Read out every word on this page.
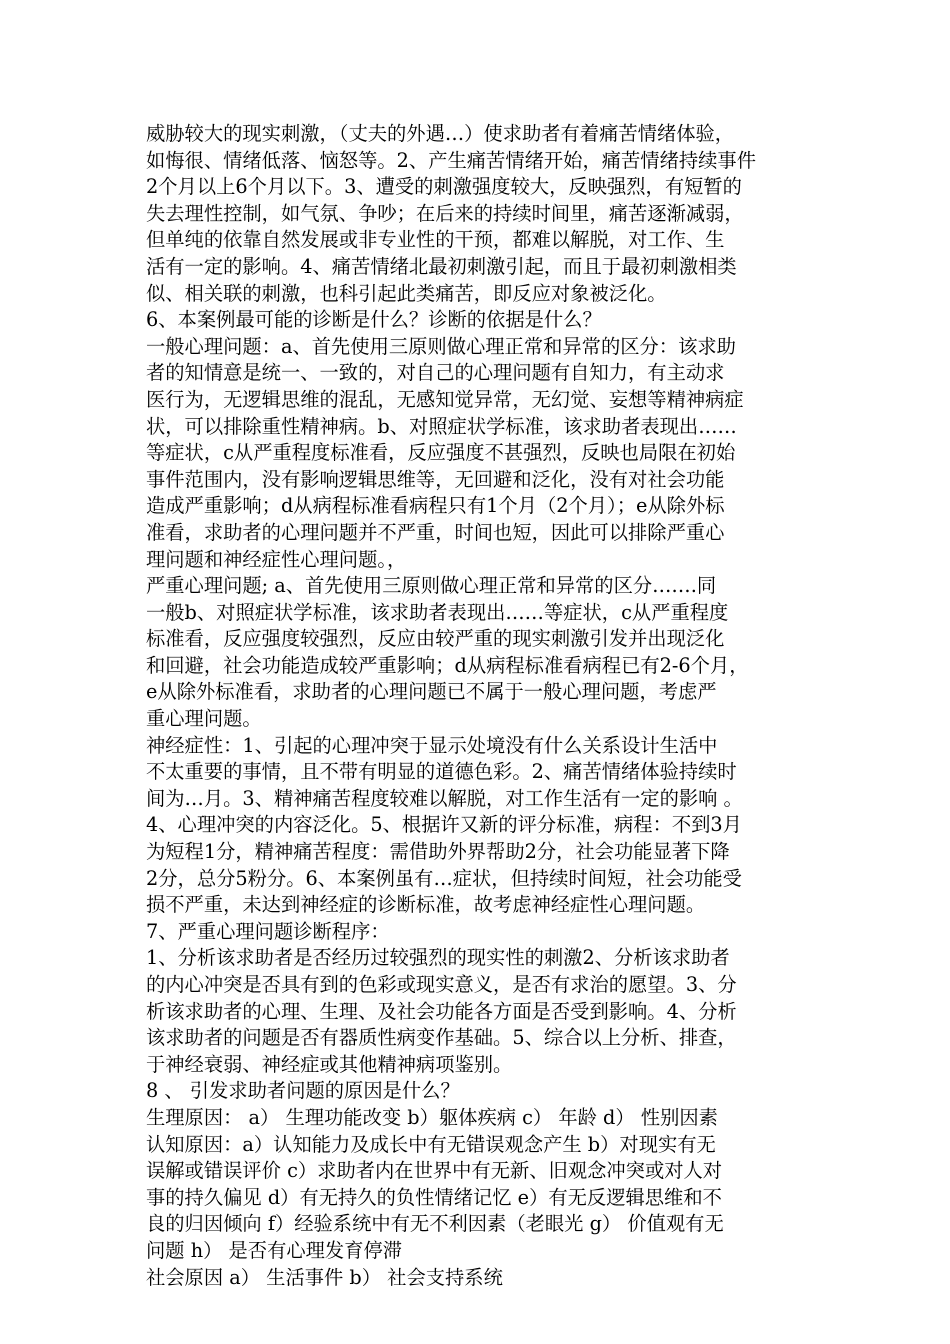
威胁较大的现实刺激，（丈夫的外遇…）使求助者有着痛苦情绪体验，
如悔很、情绪低落、恼怒等。2、产生痛苦情绪开始，痛苦情绪持续事件
2个月以上6个月以下。3、遭受的刺激强度较大，反映强烈，有短暂的
失去理性控制，如气氛、争吵；在后来的持续时间里，痛苦逐渐减弱，
但单纯的依靠自然发展或非专业性的干预，都难以解脱，对工作、生
活有一定的影响。4、痛苦情绪北最初刺激引起，而且于最初刺激相类
似、相关联的刺激，也科引起此类痛苦，即反应对象被泛化。
6、本案例最可能的诊断是什么？诊断的依据是什么？
一般心理问题：a、首先使用三原则做心理正常和异常的区分：该求助
者的知情意是统一、一致的，对自己的心理问题有自知力，有主动求
医行为，无逻辑思维的混乱，无感知觉异常，无幻觉、妄想等精神病症
状，可以排除重性精神病。b、对照症状学标准，该求助者表现出……
等症状，c从严重程度标准看，反应强度不甚强烈，反映也局限在初始
事件范围内，没有影响逻辑思维等，无回避和泛化，没有对社会功能
造成严重影响；d从病程标准看病程只有1个月（2个月）；e从除外标
准看，求助者的心理问题并不严重，时间也短，因此可以排除严重心
理问题和神经症性心理问题。，
严重心理问题; a、首先使用三原则做心理正常和异常的区分…….同
一般b、对照症状学标准，该求助者表现出……等症状，c从严重程度
标准看，反应强度较强烈，反应由较严重的现实刺激引发并出现泛化
和回避，社会功能造成较严重影响；d从病程标准看病程已有2-6个月，
e从除外标准看，求助者的心理问题已不属于一般心理问题，考虑严
重心理问题。
神经症性：1、引起的心理冲突于显示处境没有什么关系设计生活中
不太重要的事情，且不带有明显的道德色彩。2、痛苦情绪体验持续时
间为…月。3、精神痛苦程度较难以解脱，对工作生活有一定的影响 。
4、心理冲突的内容泛化。5、根据许又新的评分标准，病程：不到3月
为短程1分，精神痛苦程度：需借助外界帮助2分，社会功能显著下降
2分，总分5粉分。6、本案例虽有…症状，但持续时间短，社会功能受
损不严重，未达到神经症的诊断标准，故考虑神经症性心理问题。
7、严重心理问题诊断程序：
1、分析该求助者是否经历过较强烈的现实性的刺激2、分析该求助者
的内心冲突是否具有到的色彩或现实意义，是否有求治的愿望。3、分
析该求助者的心理、生理、及社会功能各方面是否受到影响。4、分析
该求助者的问题是否有器质性病变作基础。5、综合以上分析、排查，
于神经衰弱、神经症或其他精神病项鉴别。
8 、 引发求助者问题的原因是什么？
生理原因： a） 生理功能改变 b）躯体疾病 c） 年龄 d） 性别因素
认知原因：a）认知能力及成长中有无错误观念产生 b）对现实有无
误解或错误评价 c）求助者内在世界中有无新、旧观念冲突或对人对
事的持久偏见 d）有无持久的负性情绪记忆 e）有无反逻辑思维和不
良的归因倾向 f）经验系统中有无不利因素（老眼光 g） 价值观有无
问题 h） 是否有心理发育停滞
社会原因 a） 生活事件 b） 社会支持系统
